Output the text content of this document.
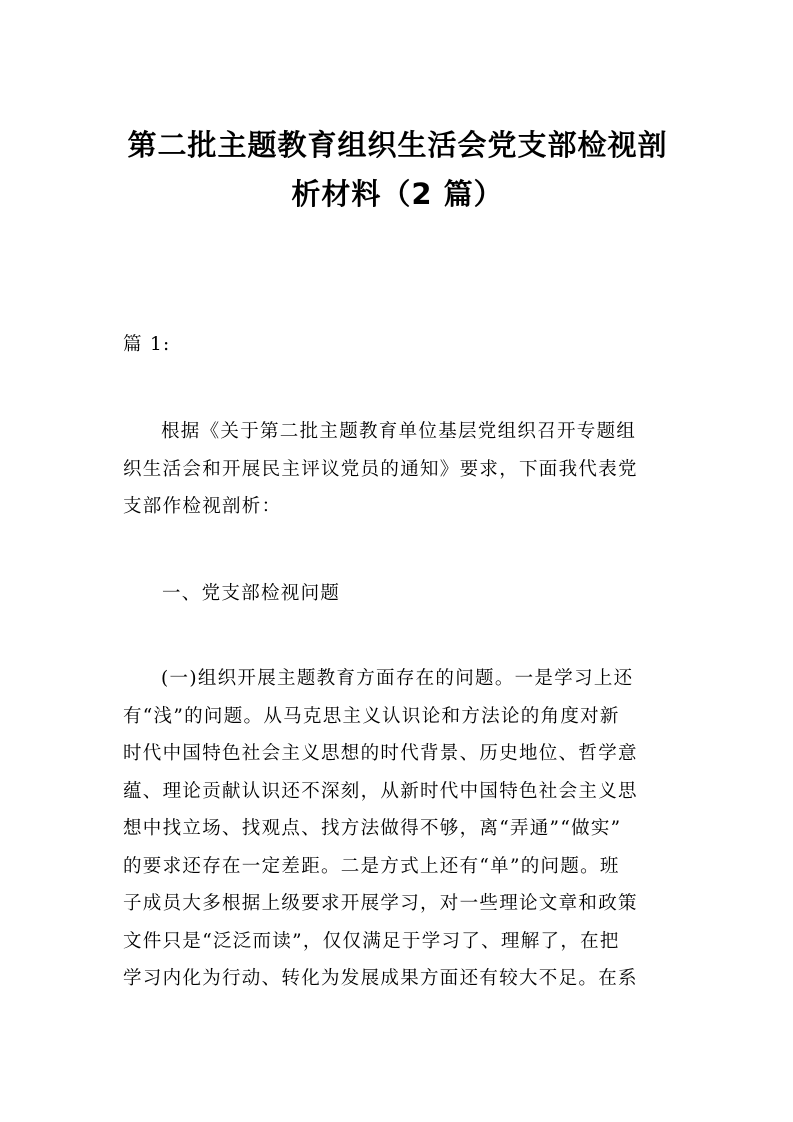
第二批主题教育组织生活会党支部检视剖
析材料（2 篇）
篇 1:
根据《关于第二批主题教育单位基层党组织召开专题组
织生活会和开展民主评议党员的通知》要求，下面我代表党
支部作检视剖析：
一、党支部检视问题
(一)组织开展主题教育方面存在的问题。一是学习上还
有“浅”的问题。从马克思主义认识论和方法论的角度对新
时代中国特色社会主义思想的时代背景、历史地位、哲学意
蕴、理论贡献认识还不深刻，从新时代中国特色社会主义思
想中找立场、找观点、找方法做得不够，离“弄通”“做实”
的要求还存在一定差距。二是方式上还有“单”的问题。班
子成员大多根据上级要求开展学习，对一些理论文章和政策
文件只是“泛泛而读”，仅仅满足于学习了、理解了，在把
学习内化为行动、转化为发展成果方面还有较大不足。在系
